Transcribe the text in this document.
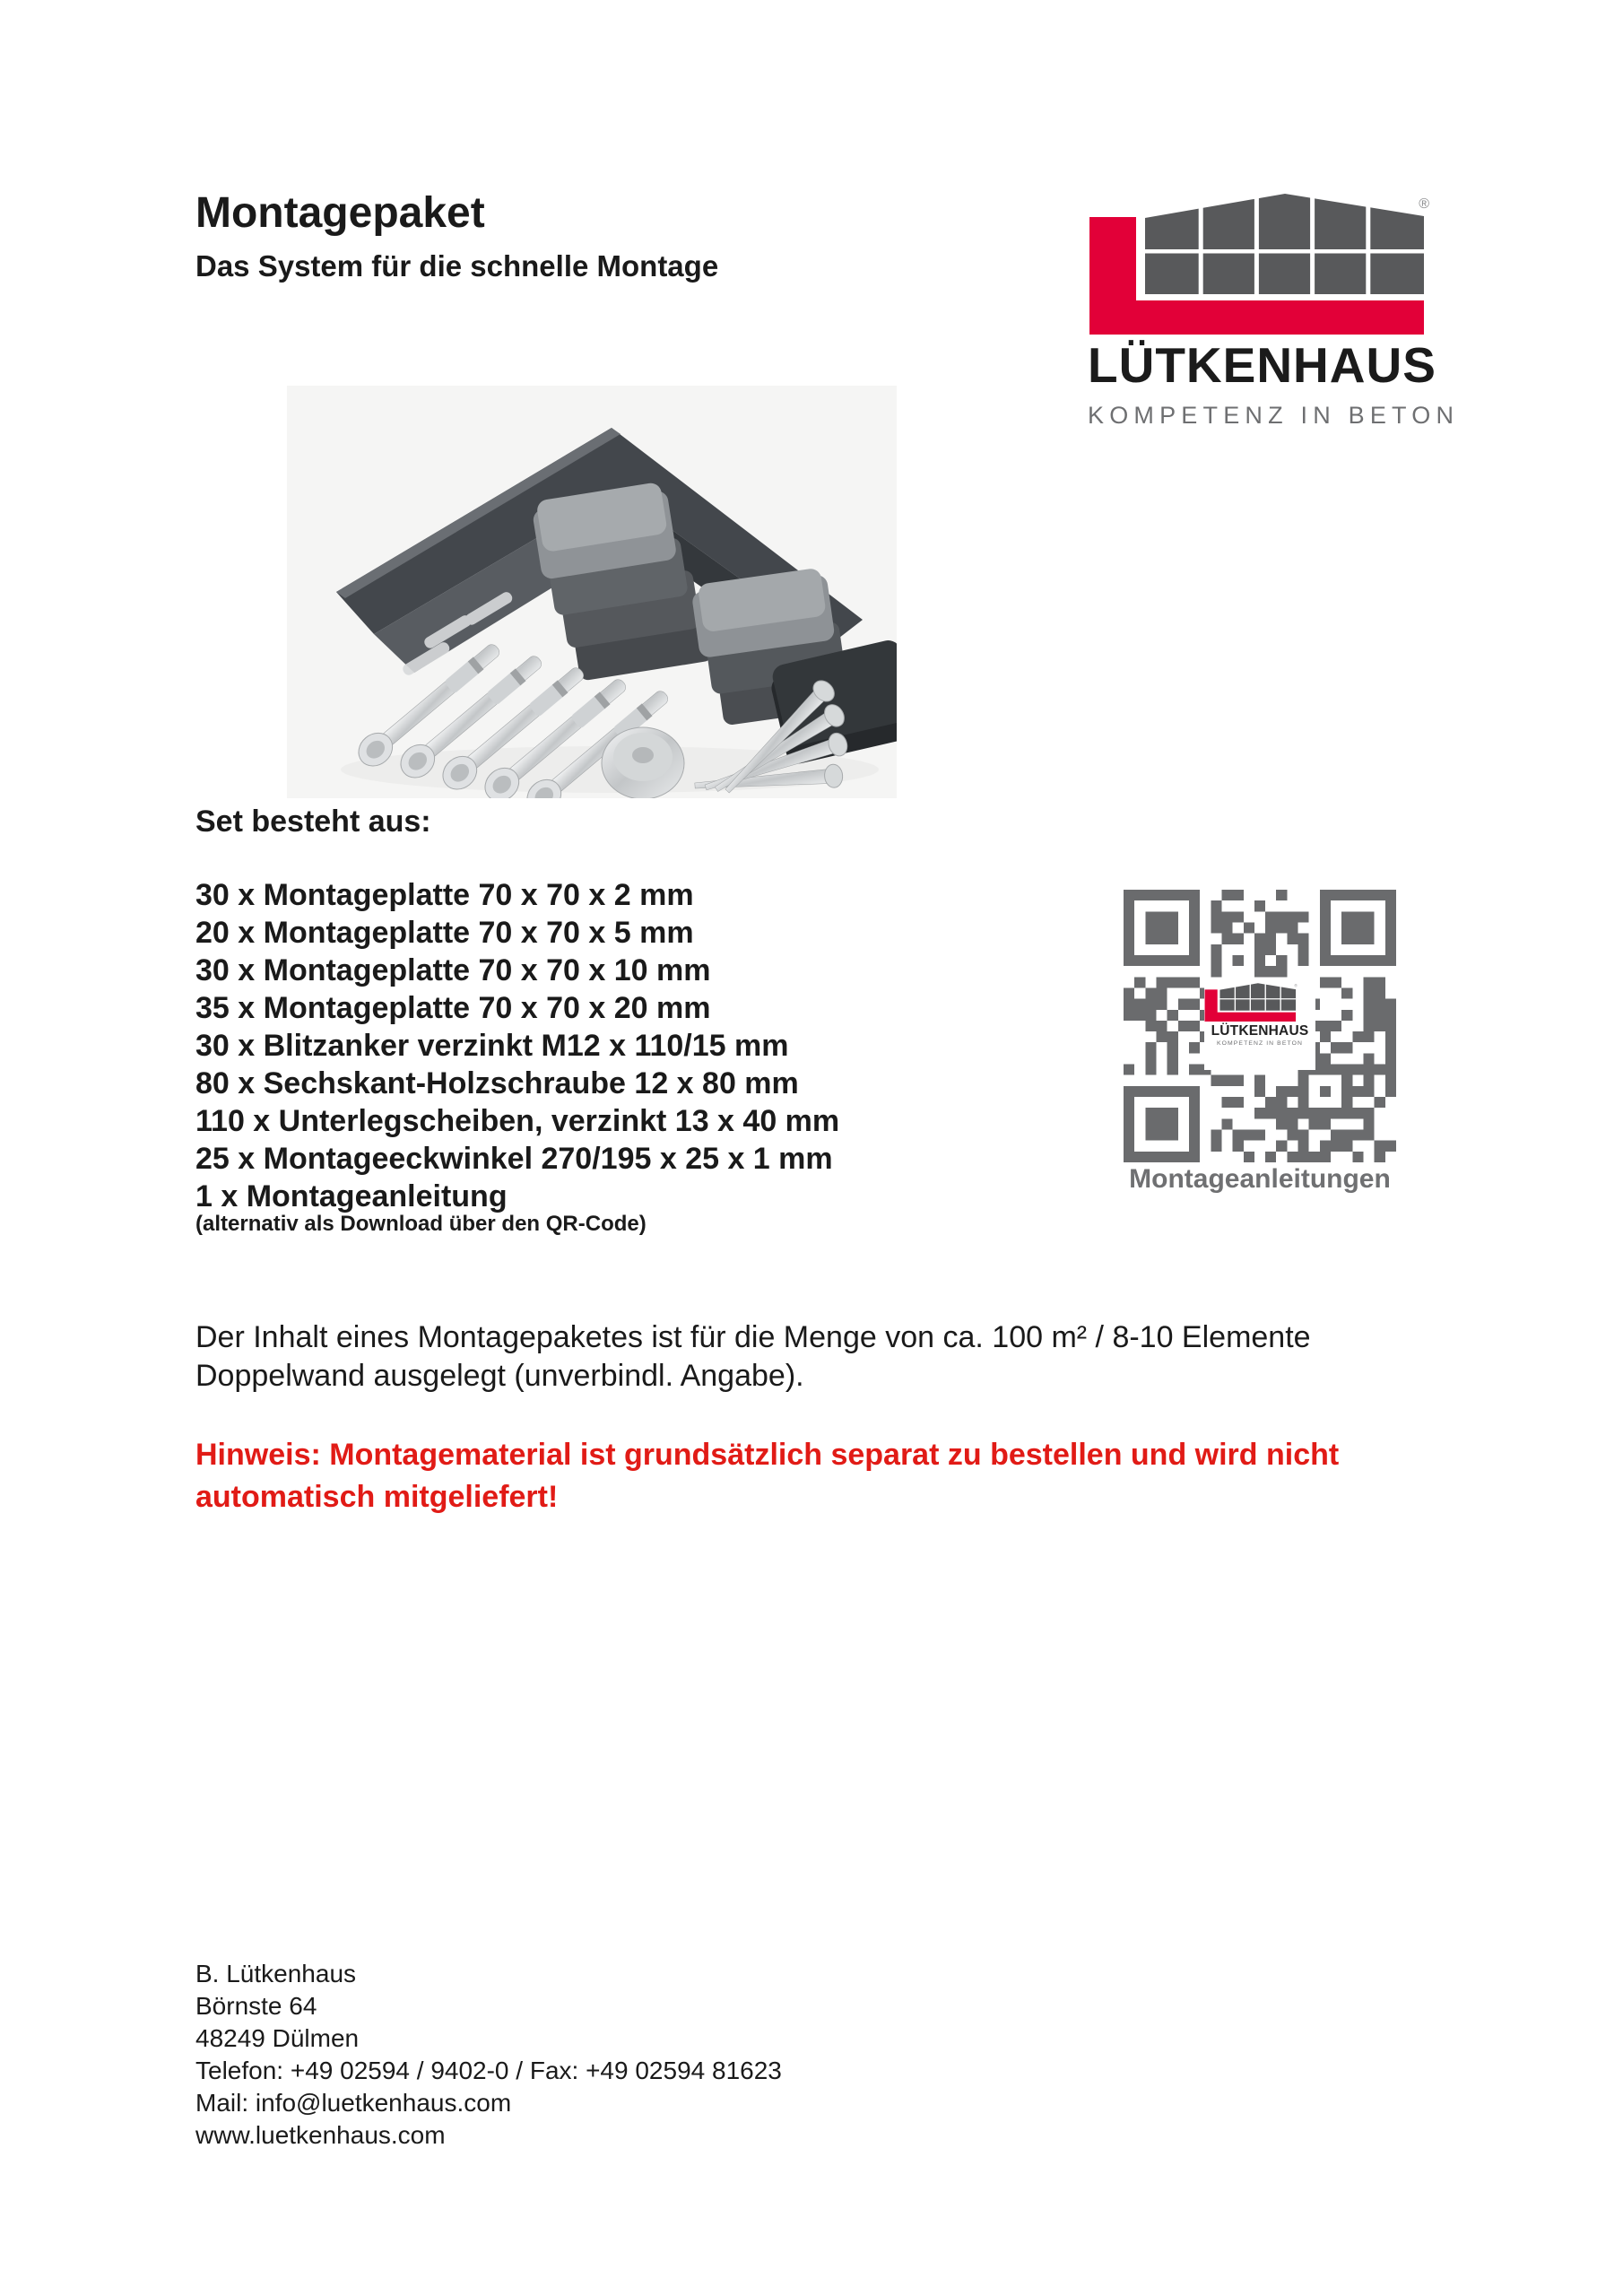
Montagepaket
Das System für die schnelle Montage
LÜTKENHAUS
KOMPETENZ IN BETON
Set besteht aus:
30 x Montageplatte 70 x 70 x 2 mm
20 x Montageplatte 70 x 70 x 5 mm
30 x Montageplatte 70 x 70 x 10 mm
35 x Montageplatte 70 x 70 x 20 mm
30 x Blitzanker verzinkt M12 x 110/15 mm
80 x Sechskant-Holzschraube 12 x 80 mm
110 x Unterlegscheiben, verzinkt 13 x 40 mm
25 x Montageeckwinkel 270/195 x 25 x 1 mm
1 x Montageanleitung
(alternativ als Download über den QR-Code)
LÜTKENHAUS
KOMPETENZ IN BETON
Montageanleitungen
Der Inhalt eines Montagepaketes ist für die Menge von ca. 100 m² / 8-10 Elemente Doppelwand ausgelegt (unverbindl. Angabe).
Hinweis: Montagematerial ist grundsätzlich separat zu bestellen und wird nicht automatisch mitgeliefert!
B. Lütkenhaus
Börnste 64
48249 Dülmen
Telefon: +49 02594 / 9402-0 / Fax: +49 02594 81623
Mail: info@luetkenhaus.com
www.luetkenhaus.com
